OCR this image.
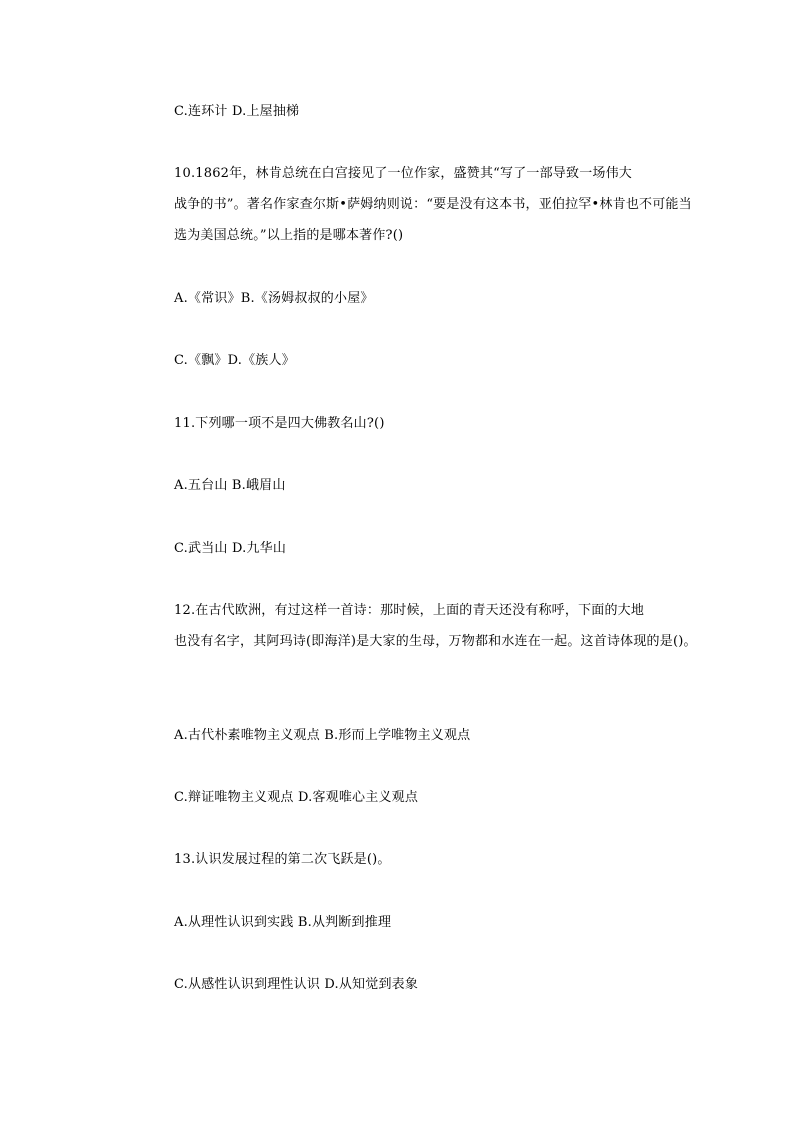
C.连环计 D.上屋抽梯
10.1862年，林肯总统在白宫接见了一位作家，盛赞其“写了一部导致一场伟大
战争的书”。著名作家查尔斯•萨姆纳则说：“要是没有这本书，亚伯拉罕•林肯也不可能当
选为美国总统。”以上指的是哪本著作?()
A.《常识》B.《汤姆叔叔的小屋》
C.《飘》D.《族人》
11.下列哪一项不是四大佛教名山?()
A.五台山 B.峨眉山
C.武当山 D.九华山
12.在古代欧洲，有过这样一首诗：那时候，上面的青天还没有称呼，下面的大地
也没有名字，其阿玛诗(即海洋)是大家的生母，万物都和水连在一起。这首诗体现的是()。
A.古代朴素唯物主义观点 B.形而上学唯物主义观点
C.辩证唯物主义观点 D.客观唯心主义观点
13.认识发展过程的第二次飞跃是()。
A.从理性认识到实践 B.从判断到推理
C.从感性认识到理性认识 D.从知觉到表象
